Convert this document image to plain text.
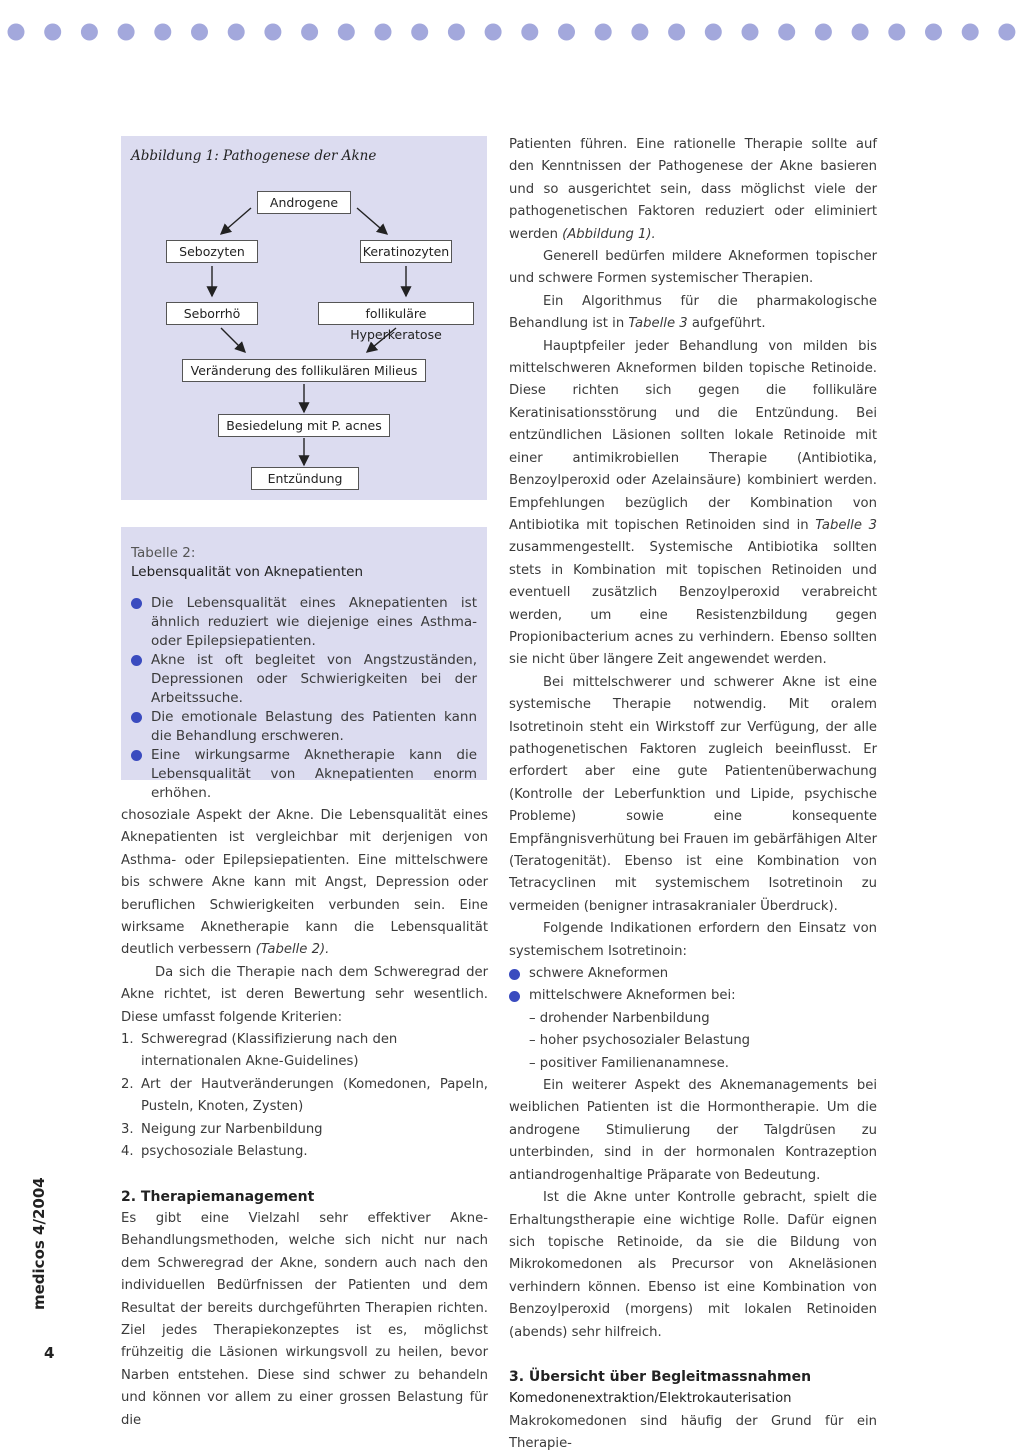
Abbildung 1: Pathogenese der Akne
Androgene
Sebozyten	Keratinozyten
Seborrhö	follikuläre Hyperkeratose
Veränderung des follikulären Milieus
Besiedelung mit P. acnes
Entzündung

Tabelle 2:

Lebensqualität von Aknepatienten

Die Lebensqualität eines Aknepatienten ist ähnlich reduziert wie diejenige eines Asthma- oder Epilepsiepatienten.

Akne ist oft begleitet von Angstzuständen, Depressionen oder Schwierigkeiten bei der Arbeitssuche.

Die emotionale Belastung des Patienten kann die Behandlung erschweren.

Eine wirkungsarme Aknetherapie kann die Lebensqualität von Aknepatienten enorm erhöhen.

chosoziale Aspekt der Akne. Die Lebensqualität eines Aknepatienten ist vergleichbar mit derjenigen von Asthma- oder Epilepsiepatienten. Eine mittelschwere bis schwere Akne kann mit Angst, Depression oder beruflichen Schwierigkeiten verbunden sein. Eine wirksame Aknetherapie kann die Lebensqualität deutlich verbessern (Tabelle 2).

Da sich die Therapie nach dem Schweregrad der Akne richtet, ist deren Bewertung sehr wesentlich. Diese umfasst folgende Kriterien:

1. Schweregrad (Klassifizierung nach den internationalen Akne-Guidelines)

2. Art der Hautveränderungen (Komedonen, Papeln, Pusteln, Knoten, Zysten)

3. Neigung zur Narbenbildung

4. psychosoziale Belastung.

2. Therapiemanagement

Es gibt eine Vielzahl sehr effektiver Akne-Behandlungsmethoden, welche sich nicht nur nach dem Schweregrad der Akne, sondern auch nach den individuellen Bedürfnissen der Patienten und dem Resultat der bereits durchgeführten Therapien richten. Ziel jedes Therapiekonzeptes ist es, möglichst frühzeitig die Läsionen wirkungsvoll zu heilen, bevor Narben entstehen. Diese sind schwer zu behandeln und können vor allem zu einer grossen Belastung für die

Patienten führen. Eine rationelle Therapie sollte auf den Kenntnissen der Pathogenese der Akne basieren und so ausgerichtet sein, dass möglichst viele der pathogenetischen Faktoren reduziert oder eliminiert werden (Abbildung 1).

Generell bedürfen mildere Akneformen topischer und schwere Formen systemischer Therapien.

Ein Algorithmus für die pharmakologische Behandlung ist in Tabelle 3 aufgeführt.

Hauptpfeiler jeder Behandlung von milden bis mittelschweren Akneformen bilden topische Retinoide. Diese richten sich gegen die follikuläre Keratinisationsstörung und die Entzündung. Bei entzündlichen Läsionen sollten lokale Retinoide mit einer antimikrobiellen Therapie (Antibiotika, Benzoylperoxid oder Azelainsäure) kombiniert werden. Empfehlungen bezüglich der Kombination von Antibiotika mit topischen Retinoiden sind in Tabelle 3 zusammengestellt. Systemische Antibiotika sollten stets in Kombination mit topischen Retinoiden und eventuell zusätzlich Benzoylperoxid verabreicht werden, um eine Resistenzbildung gegen Propionibacterium acnes zu verhindern. Ebenso sollten sie nicht über längere Zeit angewendet werden.

Bei mittelschwerer und schwerer Akne ist eine systemische Therapie notwendig. Mit oralem Isotretinoin steht ein Wirkstoff zur Verfügung, der alle pathogenetischen Faktoren zugleich beeinflusst. Er erfordert aber eine gute Patientenüberwachung (Kontrolle der Leberfunktion und Lipide, psychische Probleme) sowie eine konsequente Empfängnisverhütung bei Frauen im gebärfähigen Alter (Teratogenität). Ebenso ist eine Kombination von Tetracyclinen mit systemischem Isotretinoin zu vermeiden (benigner intrasakranialer Überdruck).

Folgende Indikationen erfordern den Einsatz von systemischem Isotretinoin:

schwere Akneformen

mittelschwere Akneformen bei:

– drohender Narbenbildung

– hoher psychosozialer Belastung

– positiver Familienanamnese.

Ein weiterer Aspekt des Aknemanagements bei weiblichen Patienten ist die Hormontherapie. Um die androgene Stimulierung der Talgdrüsen zu unterbinden, sind in der hormonalen Kontrazeption antiandrogenhaltige Präparate von Bedeutung.

Ist die Akne unter Kontrolle gebracht, spielt die Erhaltungstherapie eine wichtige Rolle. Dafür eignen sich topische Retinoide, da sie die Bildung von Mikrokomedonen als Precursor von Akneläsionen verhindern können. Ebenso ist eine Kombination von Benzoylperoxid (morgens) mit lokalen Retinoiden (abends) sehr hilfreich.

3. Übersicht über Begleitmassnahmen

Komedonenextraktion/Elektrokauterisation

Makrokomedonen sind häufig der Grund für ein Therapie-

medicos 4/2004
4
